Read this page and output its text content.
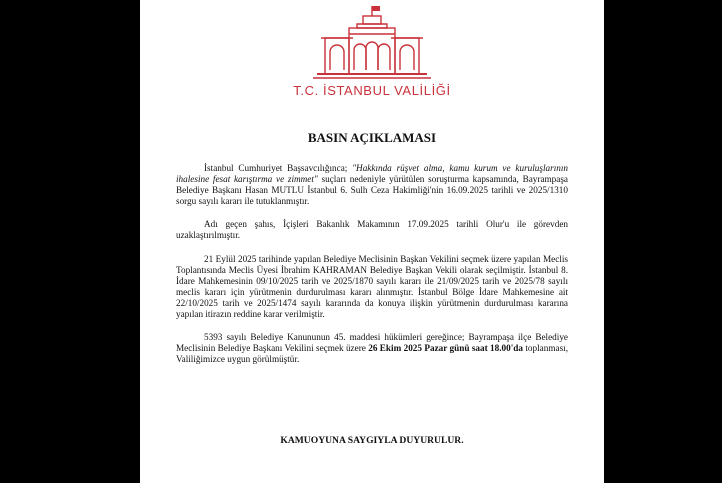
T.C. İSTANBUL VALİLİĞİ
BASIN AÇIKLAMASI

İstanbul Cumhuriyet Başsavcılığınca; "Hakkında rüşvet alma, kamu kurum ve kuruluşlarının ihalesine fesat karıştırma ve zimmet" suçları nedeniyle yürütülen soruşturma kapsamında, Bayrampaşa Belediye Başkanı Hasan MUTLU İstanbul 6. Sulh Ceza Hakimliği'nin 16.09.2025 tarihli ve 2025/1310 sorgu sayılı kararı ile tutuklanmıştır.

Adı geçen şahıs, İçişleri Bakanlık Makamının 17.09.2025 tarihli Olur'u ile görevden uzaklaştırılmıştır.

21 Eylül 2025 tarihinde yapılan Belediye Meclisinin Başkan Vekilini seçmek üzere yapılan Meclis Toplantısında Meclis Üyesi İbrahim KAHRAMAN Belediye Başkan Vekili olarak seçilmiştir. İstanbul 8. İdare Mahkemesinin 09/10/2025 tarih ve 2025/1870 sayılı kararı ile 21/09/2025 tarih ve 2025/78 sayılı meclis kararı için yürütmenin durdurulması kararı alınmıştır. İstanbul Bölge İdare Mahkemesine ait 22/10/2025 tarih ve 2025/1474 sayılı kararında da konuya ilişkin yürütmenin durdurulması kararına yapılan itirazın reddine karar verilmiştir.

5393 sayılı Belediye Kanununun 45. maddesi hükümleri gereğince; Bayrampaşa ilçe Belediye Meclisinin Belediye Başkanı Vekilini seçmek üzere 26 Ekim 2025 Pazar günü saat 18.00'da toplanması, Valiliğimizce uygun görülmüştür.

KAMUOYUNA SAYGIYLA DUYURULUR.
